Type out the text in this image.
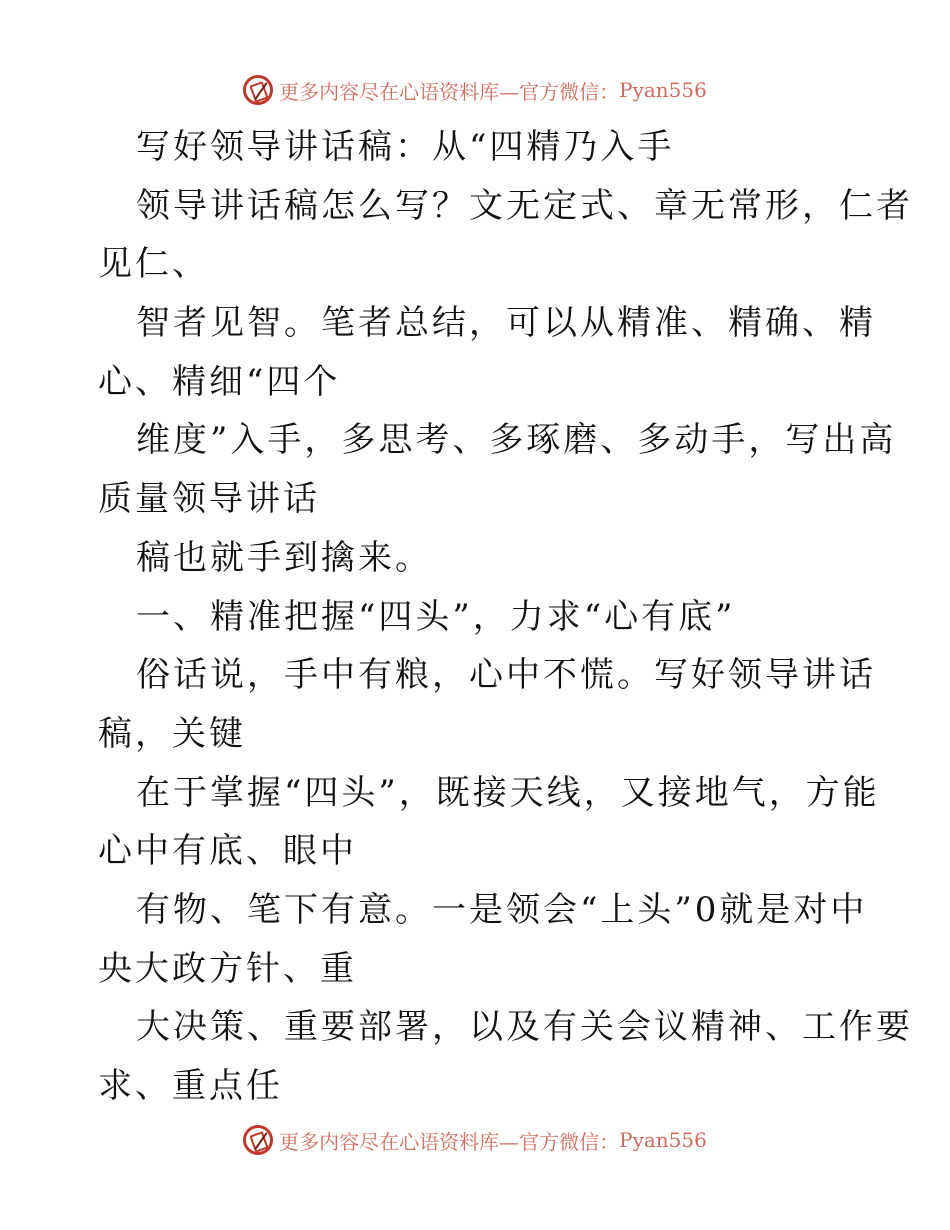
更多内容尽在心语资料库—官方微信： Pyan556
写好领导讲话稿：从“四精乃入手
领导讲话稿怎么写？文无定式、章无常形，仁者
见仁、
智者见智。笔者总结，可以从精准、精确、精
心、精细“四个
维度”入手，多思考、多琢磨、多动手，写出高
质量领导讲话
稿也就手到擒来。
一、精准把握“四头”，力求“心有底”
俗话说，手中有粮，心中不慌。写好领导讲话
稿，关键
在于掌握“四头”，既接天线，又接地气，方能
心中有底、眼中
有物、笔下有意。一是领会“上头”0就是对中
央大政方针、重
大决策、重要部署，以及有关会议精神、工作要
求、重点任
更多内容尽在心语资料库—官方微信： Pyan556
